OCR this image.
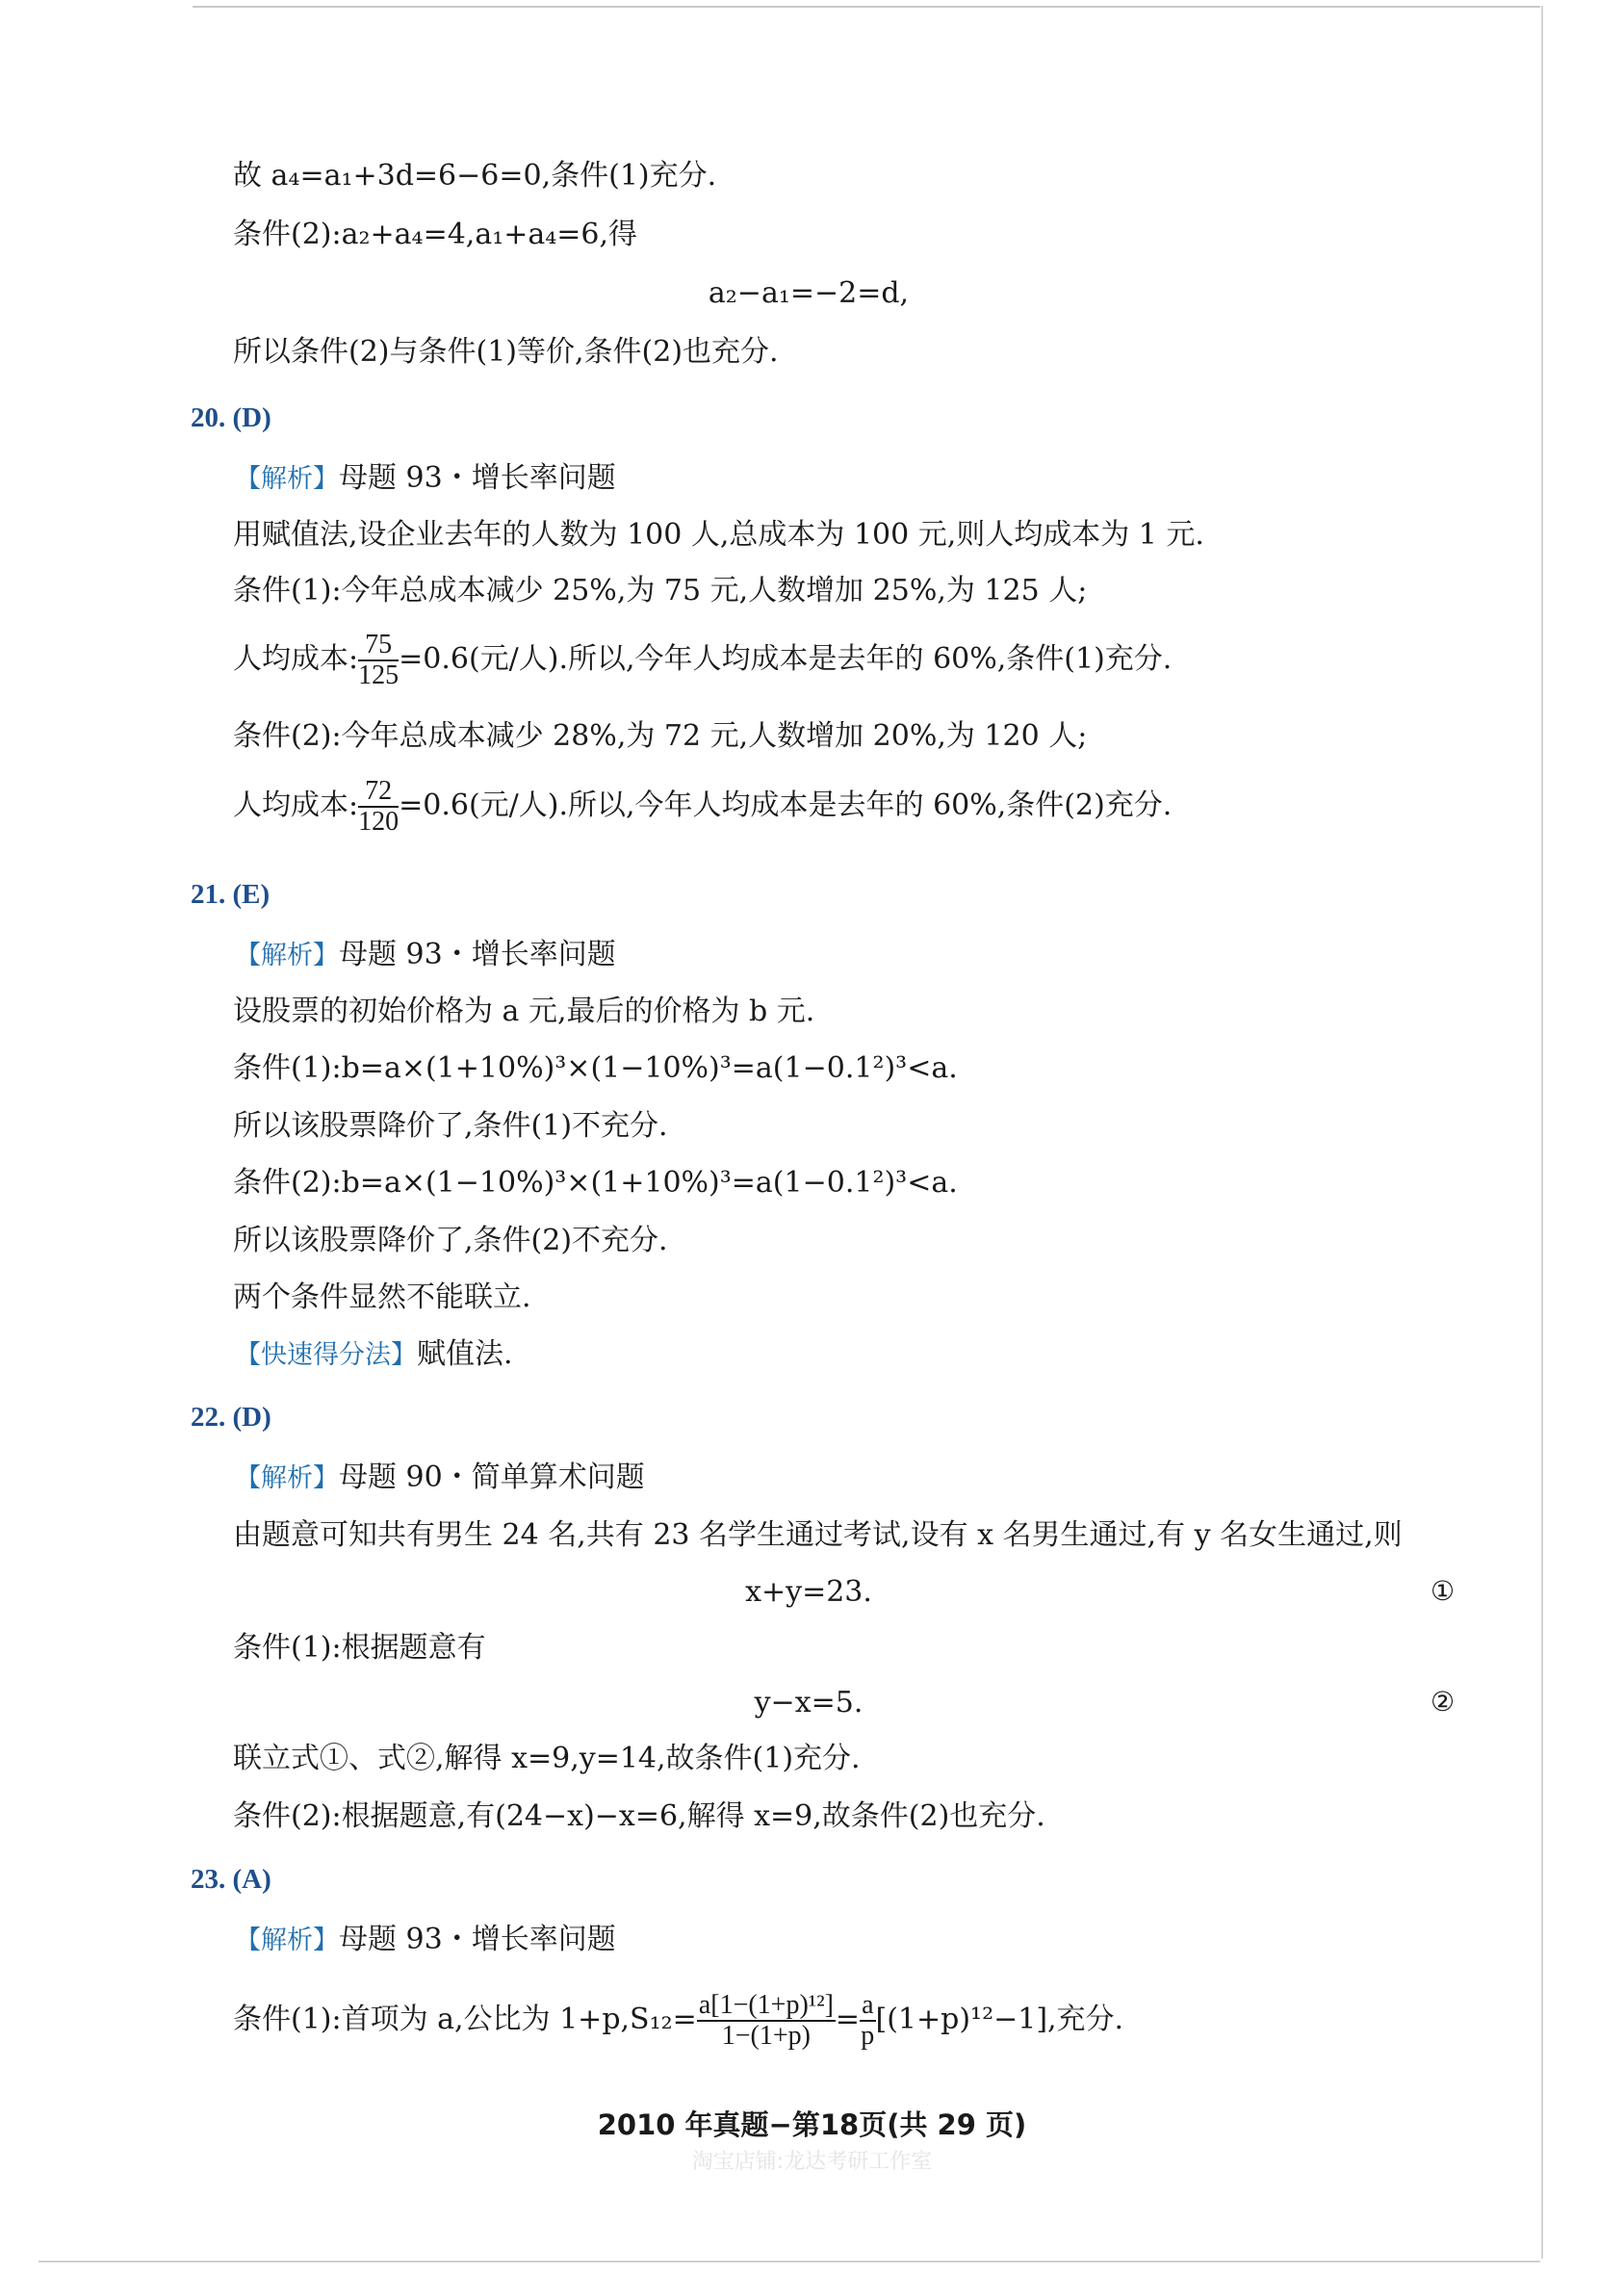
故 a₄=a₁+3d=6−6=0,条件(1)充分.
条件(2):a₂+a₄=4,a₁+a₄=6,得
a₂−a₁=−2=d,
所以条件(2)与条件(1)等价,条件(2)也充分.
20. (D)
【解析】母题 93・增长率问题
用赋值法,设企业去年的人数为 100 人,总成本为 100 元,则人均成本为 1 元.
条件(1):今年总成本减少 25%,为 75 元,人数增加 25%,为 125 人;
人均成本: $\frac{75}{125} =0.6$(元/人).所以,今年人均成本是去年的 60%,条件(1)充分.
条件(2):今年总成本减少 28%,为 72 元,人数增加 20%,为 120 人;
人均成本: $\frac{72}{120} =0.6$(元/人).所以,今年人均成本是去年的 60%,条件(2)充分.
21. (E)
【解析】母题 93・增长率问题
设股票的初始价格为 a 元,最后的价格为 b 元.
条件(1):b=a×(1+10%)³×(1−10%)³=a(1−0.1²)³<a.
所以该股票降价了,条件(1)不充分.
条件(2):b=a×(1−10%)³×(1+10%)³=a(1−0.1²)³<a.
所以该股票降价了,条件(2)不充分.
两个条件显然不能联立.
【快速得分法】赋值法.
22. (D)
【解析】母题 90・简单算术问题
由题意可知共有男生 24 名,共有 23 名学生通过考试,设有 x 名男生通过,有 y 名女生通过,则
x+y=23.	①
条件(1):根据题意有
y−x=5.	②
联立式①、式②,解得 x=9,y=14,故条件(1)充分.
条件(2):根据题意,有(24−x)−x=6,解得 x=9,故条件(2)也充分.
23. (A)
【解析】母题 93・增长率问题
条件(1):首项为 a,公比为 $1+p,S_{12}= \frac{\text{a[1−(1+p)¹²]}}{1-(1+p)} = \frac{a}{p} [(1+p)^{12}-1]$,充分.
2010 年真题−第18页(共 29 页)
淘宝店铺:龙达考研工作室
